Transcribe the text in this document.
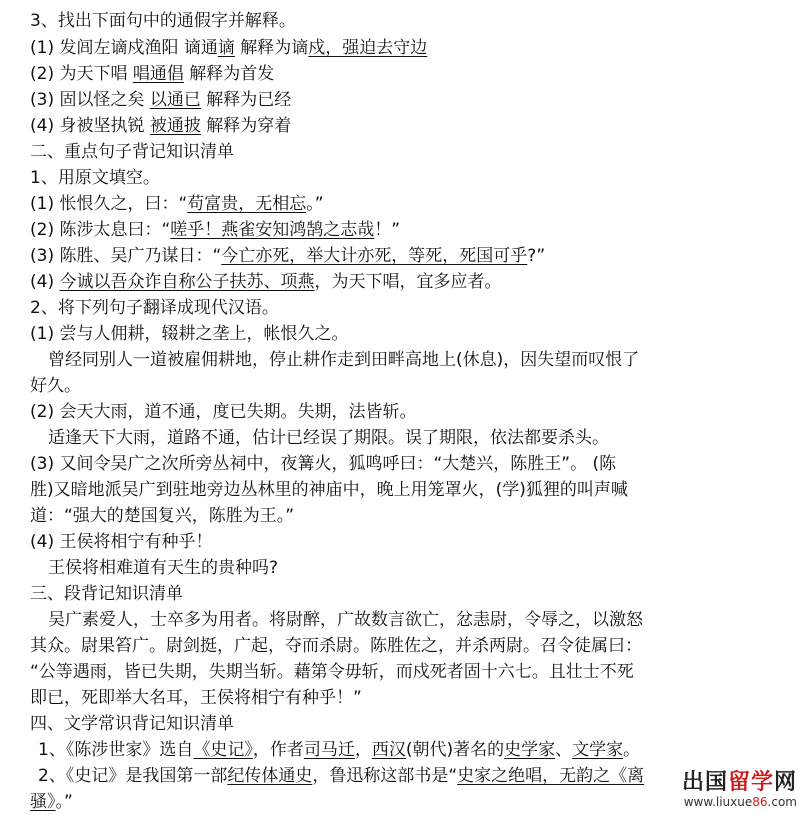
3、找出下面句中的通假字并解释。
(1) 发闾左谪戍渔阳 谪通谪 解释为谪戍，强迫去守边
(2) 为天下唱 唱通倡 解释为首发
(3) 固以怪之矣 以通已 解释为已经
(4) 身被坚执锐 被通披 解释为穿着
二、重点句子背记知识清单
1、用原文填空。
(1) 怅恨久之，曰：“苟富贵，无相忘。”
(2) 陈涉太息曰：“嗟乎！燕雀安知鸿鹄之志哉！”
(3) 陈胜、吴广乃谋日：“今亡亦死，举大计亦死，等死，死国可乎?”
(4) 今诚以吾众诈自称公子扶苏、项燕，为天下唱，宜多应者。
2、将下列句子翻译成现代汉语。
(1) 尝与人佣耕，辍耕之垄上，帐恨久之。
曾经同别人一道被雇佣耕地，停止耕作走到田畔高地上(休息)，因失望而叹恨了
好久。
(2) 会天大雨，道不通，度已失期。失期，法皆斩。
适逢天下大雨，道路不通，估计已经误了期限。误了期限，依法都要杀头。
(3) 又间令吴广之次所旁丛祠中，夜篝火，狐鸣呼曰：“大楚兴，陈胜王”。 (陈
胜)又暗地派吴广到驻地旁边丛林里的神庙中，晚上用笼罩火，(学)狐狸的叫声喊
道：“强大的楚国复兴，陈胜为王。”
(4) 王侯将相宁有种乎！
王侯将相难道有天生的贵种吗?
三、段背记知识清单
吴广素爱人，士卒多为用者。将尉醉，广故数言欲亡，忿恚尉，令辱之，以激怒
其众。尉果笞广。尉剑挺，广起，夺而杀尉。陈胜佐之，并杀两尉。召令徒属曰：
“公等遇雨，皆已失期，失期当斩。藉第令毋斩，而戍死者固十六七。且壮士不死
即已，死即举大名耳，王侯将相宁有种乎！”
四、文学常识背记知识清单
1、《陈涉世家》选自《史记》，作者司马迁，西汉(朝代)著名的史学家、文学家。
2、《史记》是我国第一部纪传体通史，鲁迅称这部书是“史家之绝唱，无韵之《离
骚》。”
出国留学网
www.liuxue86.com
